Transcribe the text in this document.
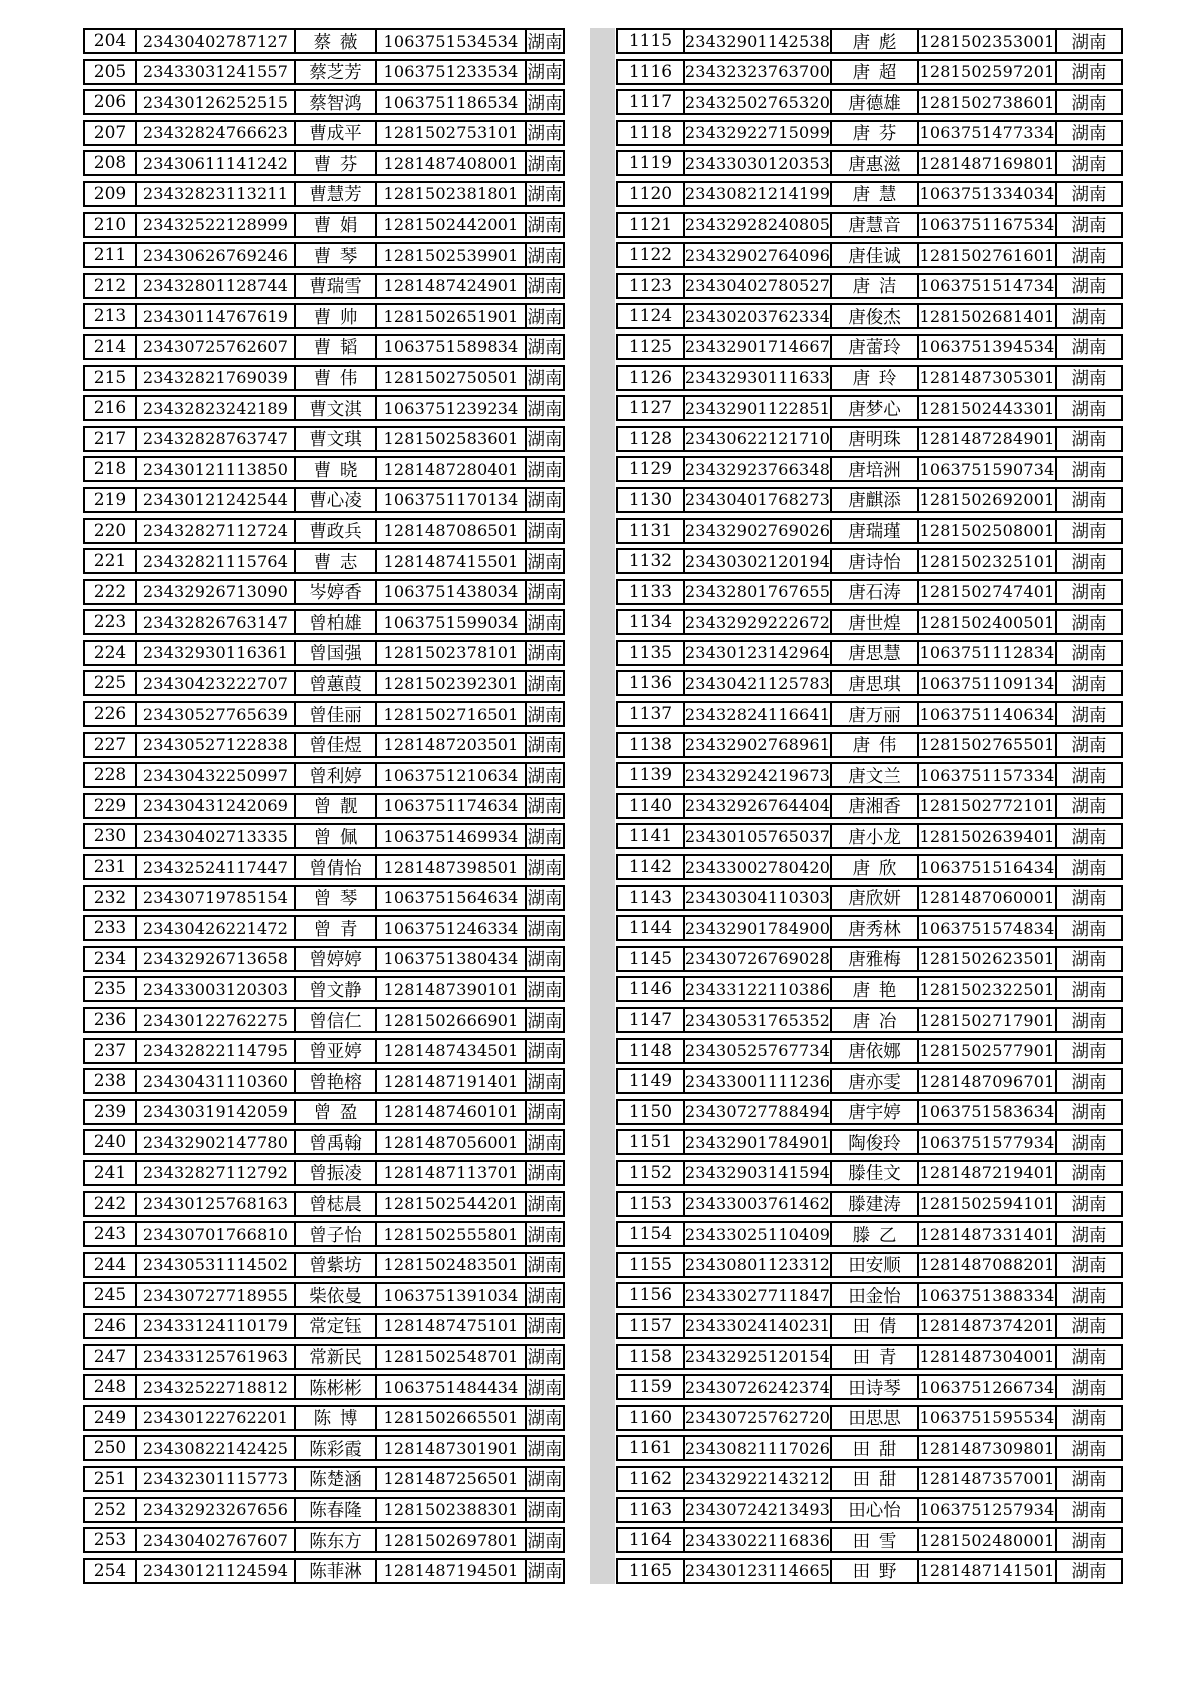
204	23430402787127	蔡 薇	1063751534534 湖南
205	23433031241557	蔡芝芳	1063751233534 湖南
206	23430126252515	蔡智鸿	1063751186534 湖南
207	23432824766623	曹成平	1281502753101 湖南
208	23430611141242	曹 芬	1281487408001 湖南
209	23432823113211	曹慧芳	1281502381801 湖南
210	23432522128999	曹 娟	1281502442001 湖南
211	23430626769246	曹 琴	1281502539901 湖南
212	23432801128744	曹瑞雪	1281487424901 湖南
213	23430114767619	曹 帅	1281502651901 湖南
214	23430725762607	曹 韬	1063751589834 湖南
215	23432821769039	曹 伟	1281502750501 湖南
216	23432823242189	曹文淇	1063751239234 湖南
217	23432828763747	曹文琪	1281502583601 湖南
218	23430121113850	曹 晓	1281487280401 湖南
219	23430121242544	曹心凌	1063751170134 湖南
220	23432827112724	曹政兵	1281487086501 湖南
221	23432821115764	曹 志	1281487415501 湖南
222	23432926713090	岑婷香	1063751438034 湖南
223	23432826763147	曾柏雄	1063751599034 湖南
224	23432930116361	曾国强	1281502378101 湖南
225	23430423222707	曾蕙葭	1281502392301 湖南
226	23430527765639	曾佳丽	1281502716501 湖南
227	23430527122838	曾佳煜	1281487203501 湖南
228	23430432250997	曾利婷	1063751210634 湖南
229	23430431242069	曾 靓	1063751174634 湖南
230	23430402713335	曾 佩	1063751469934 湖南
231	23432524117447	曾倩怡	1281487398501 湖南
232	23430719785154	曾 琴	1063751564634 湖南
233	23430426221472	曾 青	1063751246334 湖南
234	23432926713658	曾婷婷	1063751380434 湖南
235	23433003120303	曾文静	1281487390101 湖南
236	23430122762275	曾信仁	1281502666901 湖南
237	23432822114795	曾亚婷	1281487434501 湖南
238	23430431110360	曾艳榕	1281487191401 湖南
239	23430319142059	曾 盈	1281487460101 湖南
240	23432902147780	曾禹翰	1281487056001 湖南
241	23432827112792	曾振凌	1281487113701 湖南
242	23430125768163	曾梽晨	1281502544201 湖南
243	23430701766810	曾子怡	1281502555801 湖南
244	23430531114502	曾紫坊	1281502483501 湖南
245	23430727718955	柴依曼	1063751391034 湖南
246	23433124110179	常定钰	1281487475101 湖南
247	23433125761963	常新民	1281502548701 湖南
248	23432522718812	陈彬彬	1063751484434 湖南
249	23430122762201	陈 博	1281502665501 湖南
250	23430822142425	陈彩霞	1281487301901 湖南
251	23432301115773	陈楚涵	1281487256501 湖南
252	23432923267656	陈春隆	1281502388301 湖南
253	23430402767607	陈东方	1281502697801 湖南
254	23430121124594	陈菲淋	1281487194501 湖南
1115 23432901142538	唐 彪	1281502353001 湖南
1116 23432323763700	唐 超	1281502597201 湖南
1117 23432502765320	唐德雄	1281502738601 湖南
1118 23432922715099	唐 芬	1063751477334 湖南
1119 23433030120353	唐惠滋	1281487169801 湖南
1120 23430821214199	唐 慧	1063751334034 湖南
1121 23432928240805	唐慧音	1063751167534 湖南
1122 23432902764096	唐佳诚	1281502761601 湖南
1123 23430402780527	唐 洁	1063751514734 湖南
1124 23430203762334	唐俊杰	1281502681401 湖南
1125 23432901714667	唐蕾玲	1063751394534 湖南
1126 23432930111633	唐 玲	1281487305301 湖南
1127 23432901122851	唐梦心	1281502443301 湖南
1128 23430622121710	唐明珠	1281487284901 湖南
1129 23432923766348	唐培洲	1063751590734 湖南
1130 23430401768273	唐麒添	1281502692001 湖南
1131 23432902769026	唐瑞瑾	1281502508001 湖南
1132 23430302120194	唐诗怡	1281502325101 湖南
1133 23432801767655	唐石涛	1281502747401 湖南
1134 23432929222672	唐世煌	1281502400501 湖南
1135 23430123142964	唐思慧	1063751112834 湖南
1136 23430421125783	唐思琪	1063751109134 湖南
1137 23432824116641	唐万丽	1063751140634 湖南
1138 23432902768961	唐 伟	1281502765501 湖南
1139 23432924219673	唐文兰	1063751157334 湖南
1140 23432926764404	唐湘香	1281502772101 湖南
1141 23430105765037	唐小龙	1281502639401 湖南
1142 23433002780420	唐 欣	1063751516434 湖南
1143 23430304110303	唐欣妍	1281487060001 湖南
1144 23432901784900	唐秀林	1063751574834 湖南
1145 23430726769028	唐雅梅	1281502623501 湖南
1146 23433122110386	唐 艳	1281502322501 湖南
1147 23430531765352	唐 冶	1281502717901 湖南
1148 23430525767734	唐依娜	1281502577901 湖南
1149 23433001111236	唐亦雯	1281487096701 湖南
1150 23430727788494	唐宇婷	1063751583634 湖南
1151 23432901784901	陶俊玲	1063751577934 湖南
1152 23432903141594	滕佳文	1281487219401 湖南
1153 23433003761462	滕建涛	1281502594101 湖南
1154 23433025110409	滕 乙	1281487331401 湖南
1155 23430801123312	田安顺	1281487088201 湖南
1156 23433027711847	田金怡	1063751388334 湖南
1157 23433024140231	田 倩	1281487374201 湖南
1158 23432925120154	田 青	1281487304001 湖南
1159 23430726242374	田诗琴	1063751266734 湖南
1160 23430725762720	田思思	1063751595534 湖南
1161 23430821117026	田 甜	1281487309801 湖南
1162 23432922143212	田 甜	1281487357001 湖南
1163 23430724213493	田心怡	1063751257934 湖南
1164 23433022116836	田 雪	1281502480001 湖南
1165 23430123114665	田 野	1281487141501 湖南
